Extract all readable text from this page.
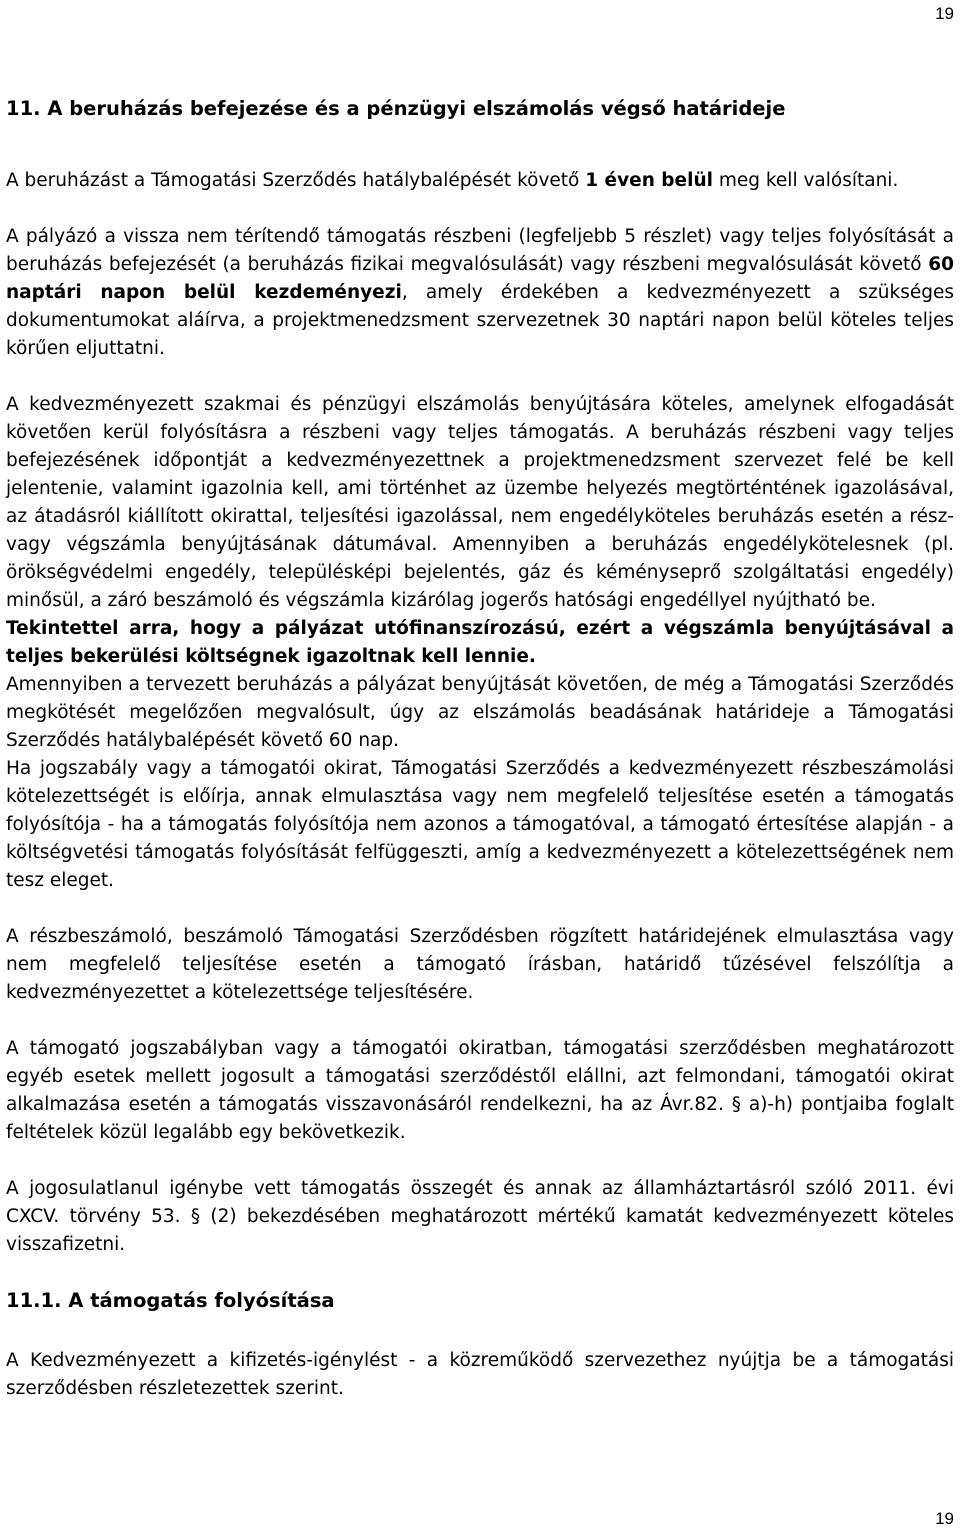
19
11. A beruházás befejezése és a pénzügyi elszámolás végső határideje

A beruházást a Támogatási Szerződés hatálybalépését követő 1 éven belül meg kell valósítani.

A pályázó a vissza nem térítendő támogatás részbeni (legfeljebb 5 részlet) vagy teljes folyósítását a beruházás befejezését (a beruházás fizikai megvalósulását) vagy részbeni megvalósulását követő 60 naptári napon belül kezdeményezi, amely érdekében a kedvezményezett a szükséges dokumentumokat aláírva, a projektmenedzsment szervezetnek 30 naptári napon belül köteles teljes körűen eljuttatni.

A kedvezményezett szakmai és pénzügyi elszámolás benyújtására köteles, amelynek elfogadását követően kerül folyósításra a részbeni vagy teljes támogatás. A beruházás részbeni vagy teljes befejezésének időpontját a kedvezményezettnek a projektmenedzsment szervezet felé be kell jelentenie, valamint igazolnia kell, ami történhet az üzembe helyezés megtörténtének igazolásával, az átadásról kiállított okirattal, teljesítési igazolással, nem engedélyköteles beruházás esetén a rész- vagy végszámla benyújtásának dátumával. Amennyiben a beruházás engedélykötelesnek (pl. örökségvédelmi engedély, településképi bejelentés, gáz és kéményseprő szolgáltatási engedély) minősül, a záró beszámoló és végszámla kizárólag jogerős hatósági engedéllyel nyújtható be.

Tekintettel arra, hogy a pályázat utófinanszírozású, ezért a végszámla benyújtásával a teljes bekerülési költségnek igazoltnak kell lennie.

Amennyiben a tervezett beruházás a pályázat benyújtását követően, de még a Támogatási Szerződés megkötését megelőzően megvalósult, úgy az elszámolás beadásának határideje a Támogatási Szerződés hatálybalépését követő 60 nap.

Ha jogszabály vagy a támogatói okirat, Támogatási Szerződés a kedvezményezett részbeszámolási kötelezettségét is előírja, annak elmulasztása vagy nem megfelelő teljesítése esetén a támogatás folyósítója - ha a támogatás folyósítója nem azonos a támogatóval, a támogató értesítése alapján - a költségvetési támogatás folyósítását felfüggeszti, amíg a kedvezményezett a kötelezettségének nem tesz eleget.

A részbeszámoló, beszámoló Támogatási Szerződésben rögzített határidejének elmulasztása vagy nem megfelelő teljesítése esetén a támogató írásban, határidő tűzésével felszólítja a kedvezményezettet a kötelezettsége teljesítésére.

A támogató jogszabályban vagy a támogatói okiratban, támogatási szerződésben meghatározott egyéb esetek mellett jogosult a támogatási szerződéstől elállni, azt felmondani, támogatói okirat alkalmazása esetén a támogatás visszavonásáról rendelkezni, ha az Ávr.82. § a)-h) pontjaiba foglalt feltételek közül legalább egy bekövetkezik.

A jogosulatlanul igénybe vett támogatás összegét és annak az államháztartásról szóló 2011. évi CXCV. törvény 53. § (2) bekezdésében meghatározott mértékű kamatát kedvezményezett köteles visszafizetni.

11.1. A támogatás folyósítása

A Kedvezményezett a kifizetés-igénylést - a közreműködő szervezethez nyújtja be a támogatási szerződésben részletezettek szerint.

19
